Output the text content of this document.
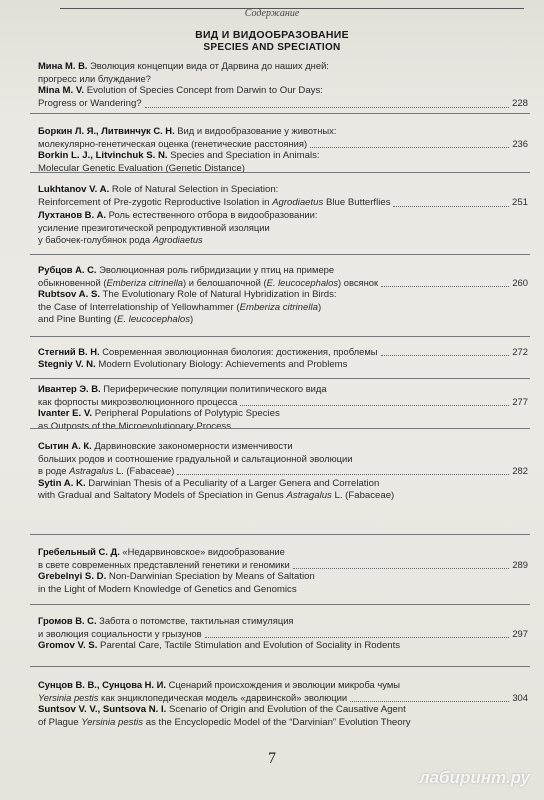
Содержание
ВИД И ВИДООБРАЗОВАНИЕ
SPECIES AND SPECIATION
Мина М. В. Эволюция концепции вида от Дарвина до наших дней:
прогресс или блуждание?
Mina M. V. Evolution of Species Concept from Darwin to Our Days:
Progress or Wandering?	228
Боркин Л. Я., Литвинчук С. Н. Вид и видообразование у животных:
молекулярно-генетическая оценка (генетические расстояния)	236
Borkin L. J., Litvinchuk S. N. Species and Speciation in Animals:
Molecular Genetic Evaluation (Genetic Distance)
Lukhtanov V. A. Role of Natural Selection in Speciation:
Reinforcement of Pre-zygotic Reproductive Isolation in Agrodiaetus Blue Butterflies	251
Лухтанов В. А. Роль естественного отбора в видообразовании:
усиление презиготической репродуктивной изоляции
у бабочек-голубянок рода Agrodiaetus
Рубцов А. С. Эволюционная роль гибридизации у птиц на примере
обыкновенной (Emberiza citrinella) и белошапочной (E. leucocephalos) овсянок	260
Rubtsov A. S. The Evolutionary Role of Natural Hybridization in Birds:
the Case of Interrelationship of Yellowhammer (Emberiza citrinella)
and Pine Bunting (E. leucocephalos)
Стегний В. Н. Современная эволюционная биология: достижения, проблемы	272
Stegniy V. N. Modern Evolutionary Biology: Achievements and Problems
Ивантер Э. В. Периферические популяции политипического вида
как форпосты микроэволюционного процесса	277
Ivanter E. V. Peripheral Populations of Polytypic Species
as Outposts of the Microevolutionary Process
Сытин А. К. Дарвиновские закономерности изменчивости
больших родов и соотношение градуальной и сальтационной эволюции
в роде Astragalus L. (Fabaceae)	282
Sytin A. K. Darwinian Thesis of a Peculiarity of a Larger Genera and Correlation
with Gradual and Saltatory Models of Speciation in Genus Astragalus L. (Fabaceae)
Гребельный С. Д. «Недарвиновское» видообразование
в свете современных представлений генетики и геномики	289
Grebelnyi S. D. Non-Darwinian Speciation by Means of Saltation
in the Light of Modern Knowledge of Genetics and Genomics
Громов В. С. Забота о потомстве, тактильная стимуляция
и эволюция социальности у грызунов	297
Gromov V. S. Parental Care, Tactile Stimulation and Evolution of Sociality in Rodents
Сунцов В. В., Сунцова Н. И. Сценарий происхождения и эволюции микроба чумы
Yersinia pestis как энциклопедическая модель «дарвинской» эволюции	304
Suntsov V. V., Suntsova N. I. Scenario of Origin and Evolution of the Causative Agent
of Plague Yersinia pestis as the Encyclopedic Model of the “Darvinian” Evolution Theory
7
лабиринт.ру
